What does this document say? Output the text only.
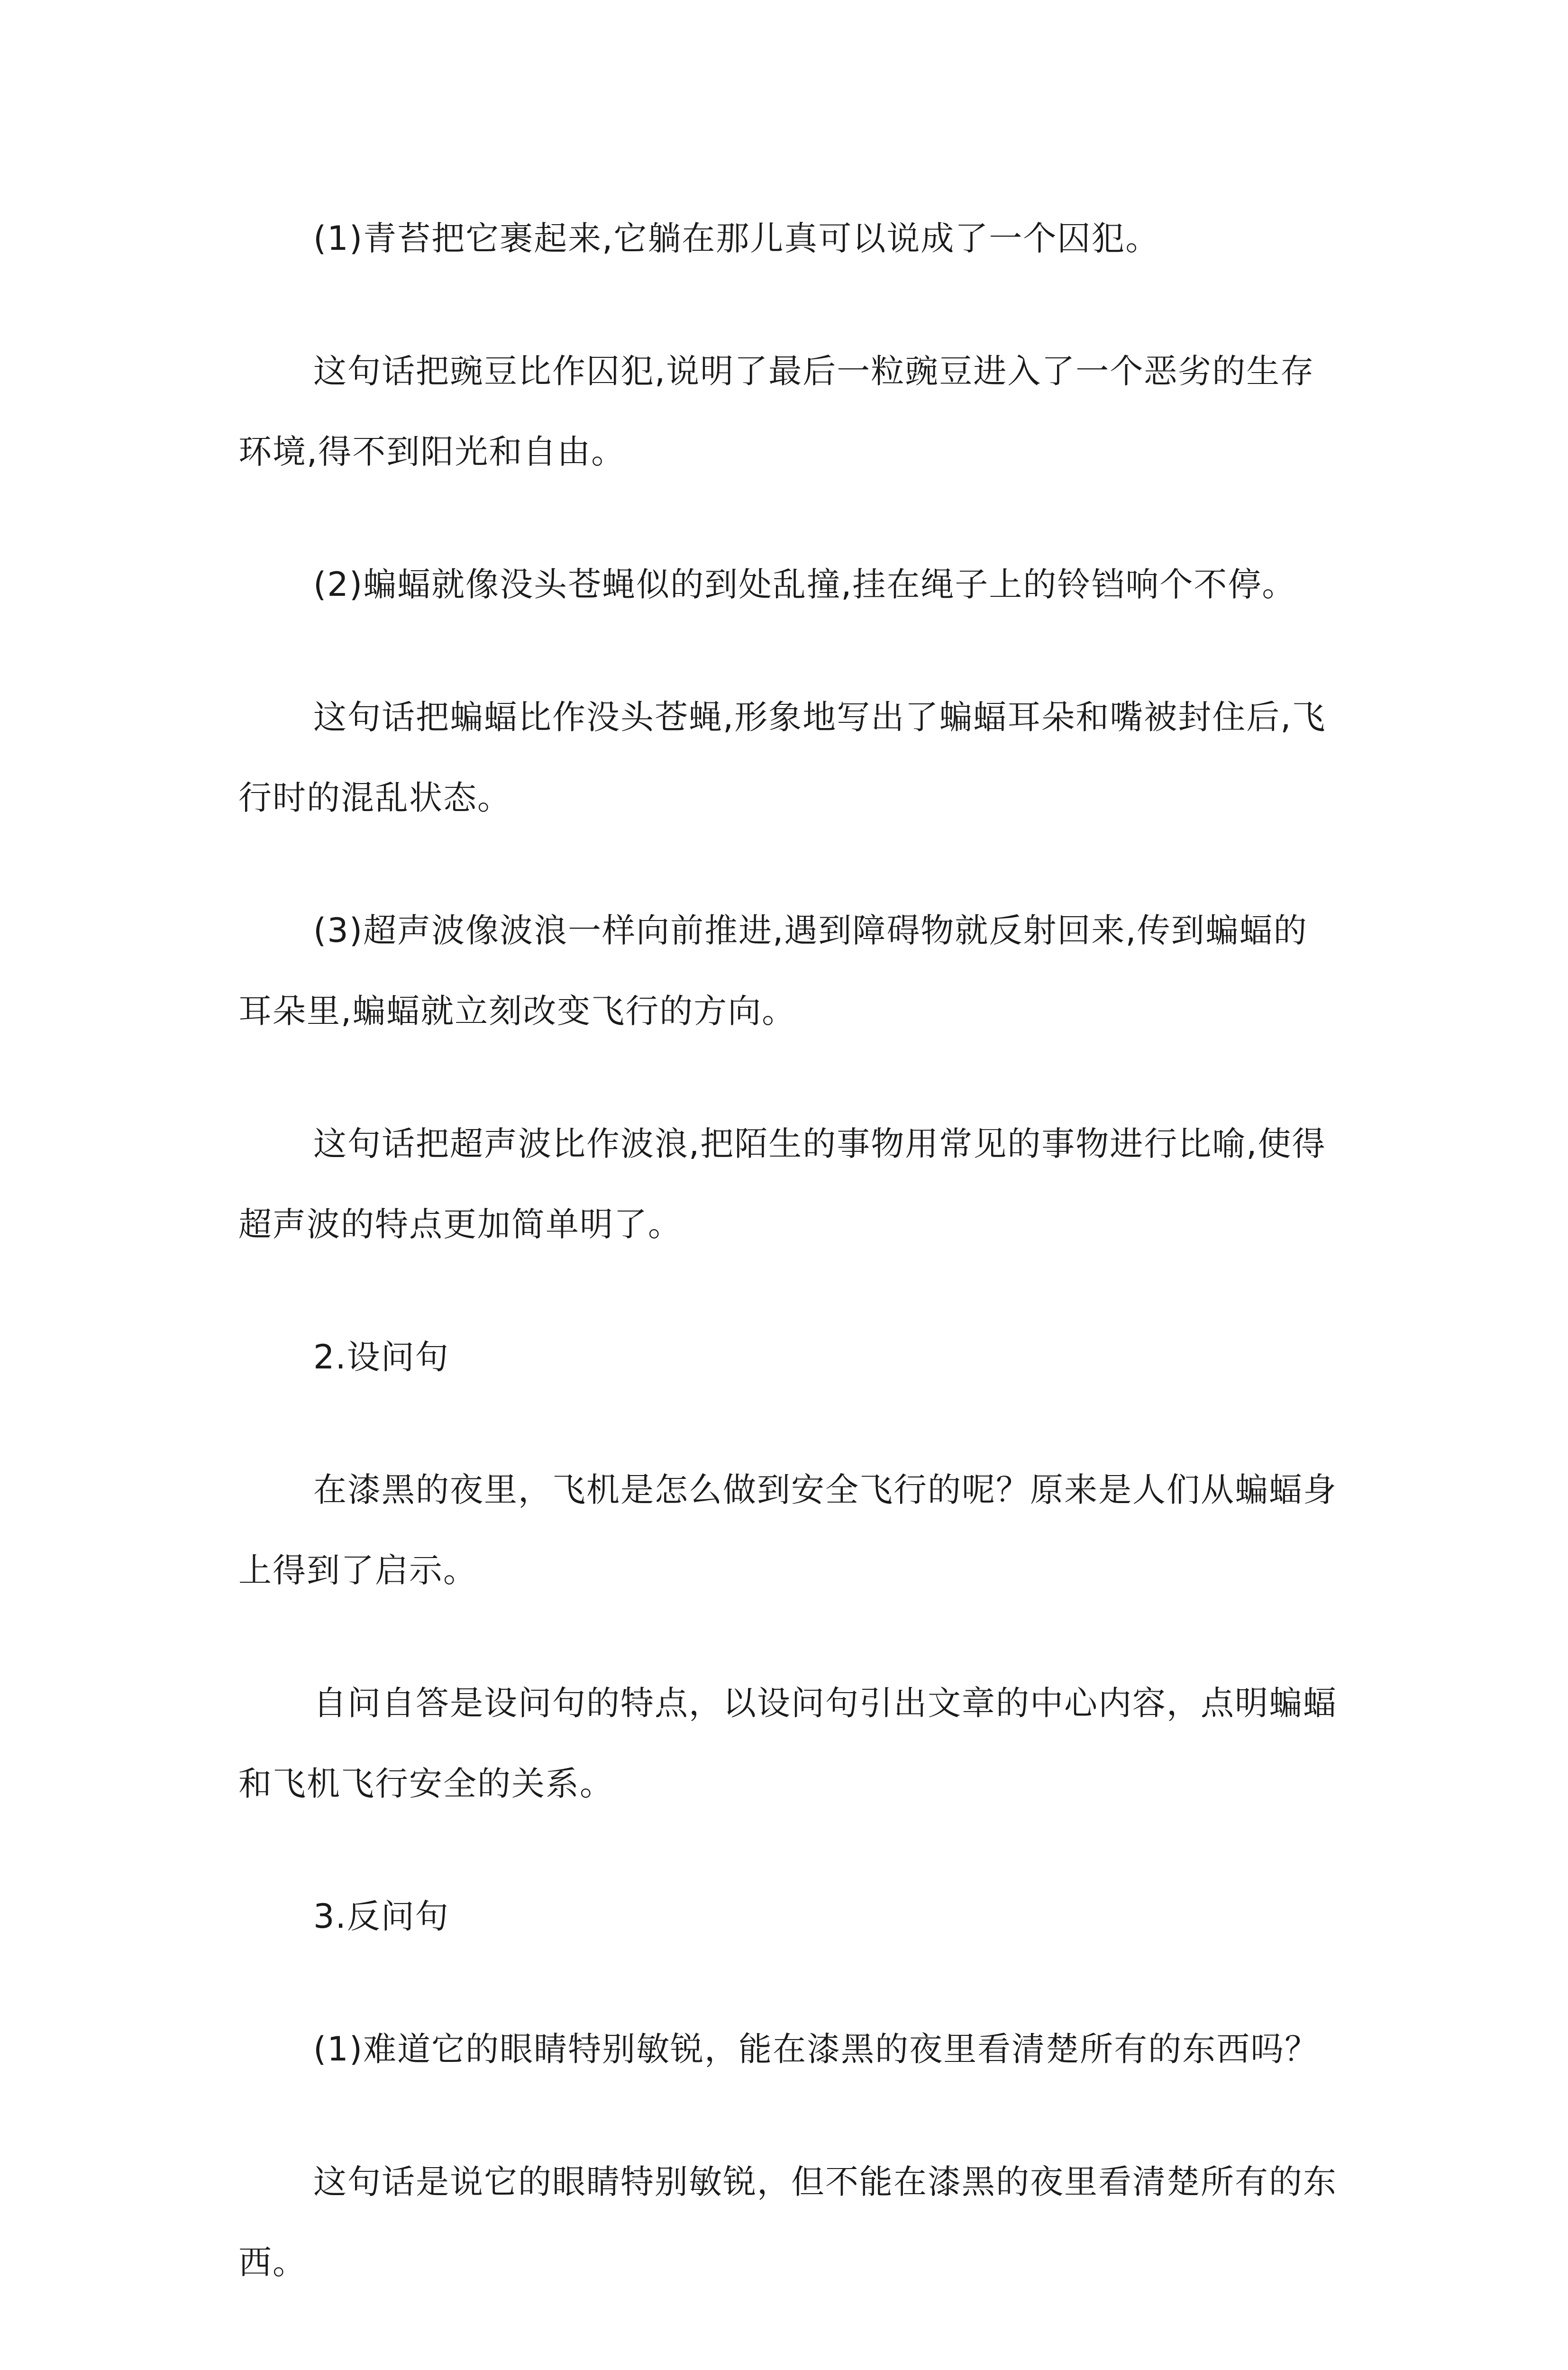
(1)青苔把它裹起来,它躺在那儿真可以说成了一个囚犯。

这句话把豌豆比作囚犯,说明了最后一粒豌豆进入了一个恶劣的生存环境,得不到阳光和自由。

(2)蝙蝠就像没头苍蝇似的到处乱撞,挂在绳子上的铃铛响个不停。

这句话把蝙蝠比作没头苍蝇,形象地写出了蝙蝠耳朵和嘴被封住后,飞行时的混乱状态。

(3)超声波像波浪一样向前推进,遇到障碍物就反射回来,传到蝙蝠的耳朵里,蝙蝠就立刻改变飞行的方向。

这句话把超声波比作波浪,把陌生的事物用常见的事物进行比喻,使得超声波的特点更加简单明了。

2.设问句

在漆黑的夜里，飞机是怎么做到安全飞行的呢？原来是人们从蝙蝠身上得到了启示。

自问自答是设问句的特点，以设问句引出文章的中心内容，点明蝙蝠和飞机飞行安全的关系。

3.反问句

(1)难道它的眼睛特别敏锐，能在漆黑的夜里看清楚所有的东西吗？

这句话是说它的眼睛特别敏锐，但不能在漆黑的夜里看清楚所有的东西。
